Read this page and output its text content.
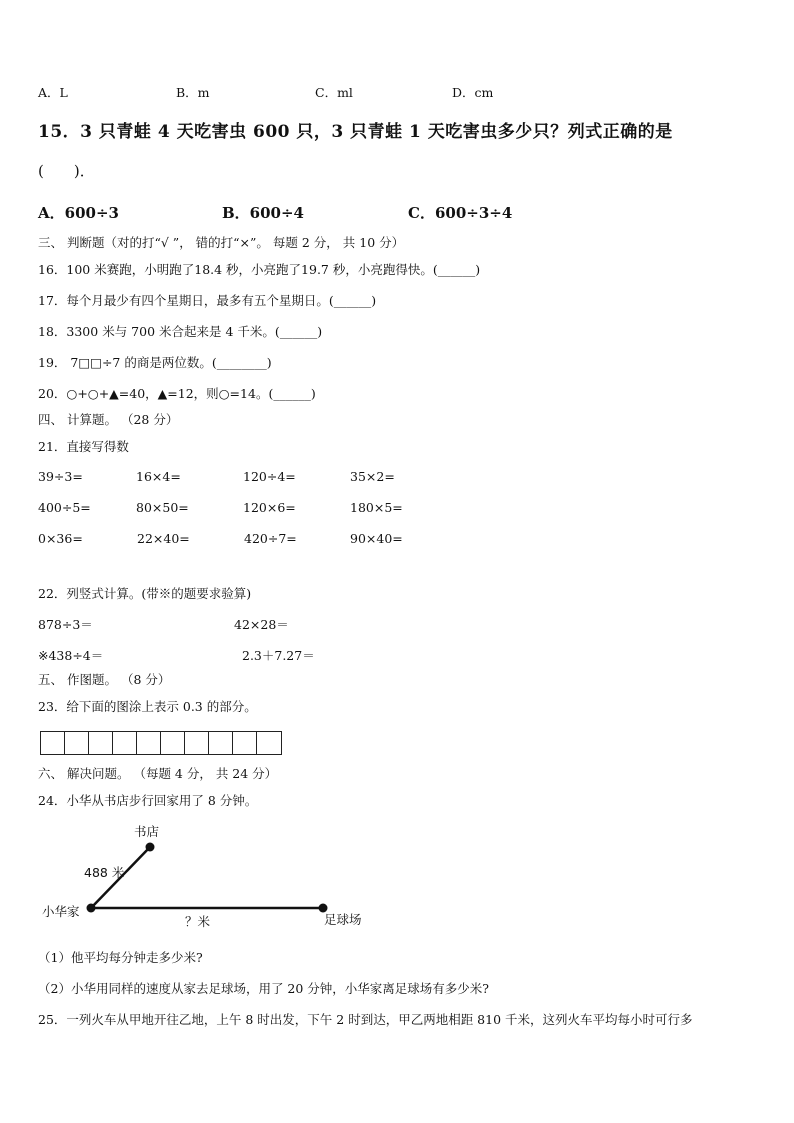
A．L	B．m	C．ml	D．cm
15．3 只青蛙 4 天吃害虫 600 只，3 只青蛙 1 天吃害虫多少只？列式正确的是
(　　)．
A．600÷3	B．600÷4	C．600÷3÷4
三、 判断题（对的打“√ ”， 错的打“×”。 每题 2 分， 共 10 分）
16．100 米赛跑，小明跑了18.4 秒，小亮跑了19.7 秒，小亮跑得快。(______)
17．每个月最少有四个星期日，最多有五个星期日。(______)
18．3300 米与 700 米合起来是 4 千米。(______)
19． 7□□÷7 的商是两位数。(________)
20．○+○+▲=40，▲=12，则○=14。(______)
四、 计算题。 （28 分）
21．直接写得数
39÷3=	16×4=	120÷4=	35×2=
400÷5=	80×50=	120×6=	180×5=
0×36=	22×40=	420÷7=	90×40=
22．列竖式计算。(带※的题要求验算)
878÷3＝	42×28＝
※438÷4＝	2.3＋7.27＝
五、 作图题。 （8 分）
23．给下面的图涂上表示 0.3 的部分。
六、 解决问题。 （每题 4 分， 共 24 分）
24．小华从书店步行回家用了 8 分钟。
书店
488 米
小华家
？米	足球场
（1）他平均每分钟走多少米?
（2）小华用同样的速度从家去足球场，用了 20 分钟，小华家离足球场有多少米?
25．一列火车从甲地开往乙地，上午 8 时出发，下午 2 时到达，甲乙两地相距 810 千米，这列火车平均每小时可行多
